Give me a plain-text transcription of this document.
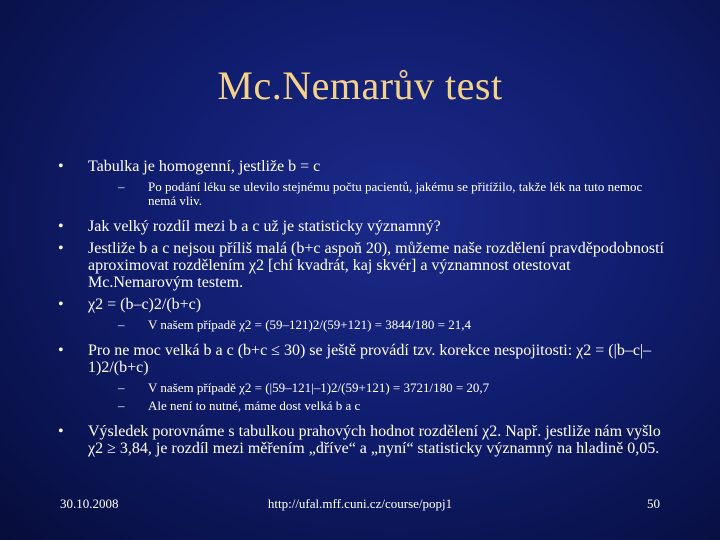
Mc.Nemarův test
•	Tabulka je homogenní, jestliže b = c
–	Po podání léku se ulevilo stejnému počtu pacientů, jakému se přitížilo, takže lék na tuto nemoc nemá vliv.
•	Jak velký rozdíl mezi b a c už je statisticky významný?
•	Jestliže b a c nejsou příliš malá (b+c aspoň 20), můžeme naše rozdělení pravděpodobností aproximovat rozdělením χ2 [chí kvadrát, kaj skvér] a významnost otestovat Mc.Nemarovým testem.
•	χ2 = (b–c)2/(b+c)
–	V našem případě χ2 = (59–121)2/(59+121) = 3844/180 = 21,4
•	Pro ne moc velká b a c (b+c ≤ 30) se ještě provádí tzv. korekce nespojitosti: χ2 = (|b–c|–1)2/(b+c)
–	V našem případě χ2 = (|59–121|–1)2/(59+121) = 3721/180 = 20,7
–	Ale není to nutné, máme dost velká b a c
•	Výsledek porovnáme s tabulkou prahových hodnot rozdělení χ2. Např. jestliže nám vyšlo χ2 ≥ 3,84, je rozdíl mezi měřením „dříve“ a „nyní“ statisticky významný na hladině 0,05.
30.10.2008	http://ufal.mff.cuni.cz/course/popj1	50
